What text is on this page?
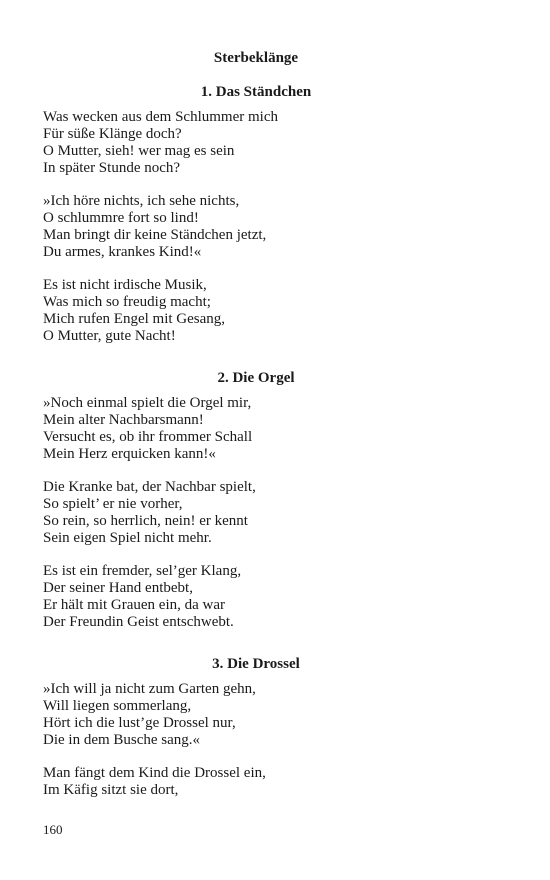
Sterbeklänge
1. Das Ständchen
Was wecken aus dem Schlummer mich
Für süße Klänge doch?
O Mutter, sieh! wer mag es sein
In später Stunde noch?
»Ich höre nichts, ich sehe nichts,
O schlummre fort so lind!
Man bringt dir keine Ständchen jetzt,
Du armes, krankes Kind!«
Es ist nicht irdische Musik,
Was mich so freudig macht;
Mich rufen Engel mit Gesang,
O Mutter, gute Nacht!
2. Die Orgel
»Noch einmal spielt die Orgel mir,
Mein alter Nachbarsmann!
Versucht es, ob ihr frommer Schall
Mein Herz erquicken kann!«
Die Kranke bat, der Nachbar spielt,
So spielt’ er nie vorher,
So rein, so herrlich, nein! er kennt
Sein eigen Spiel nicht mehr.
Es ist ein fremder, sel’ger Klang,
Der seiner Hand entbebt,
Er hält mit Grauen ein, da war
Der Freundin Geist entschwebt.
3. Die Drossel
»Ich will ja nicht zum Garten gehn,
Will liegen sommerlang,
Hört ich die lust’ge Drossel nur,
Die in dem Busche sang.«
Man fängt dem Kind die Drossel ein,
Im Käfig sitzt sie dort,
160
